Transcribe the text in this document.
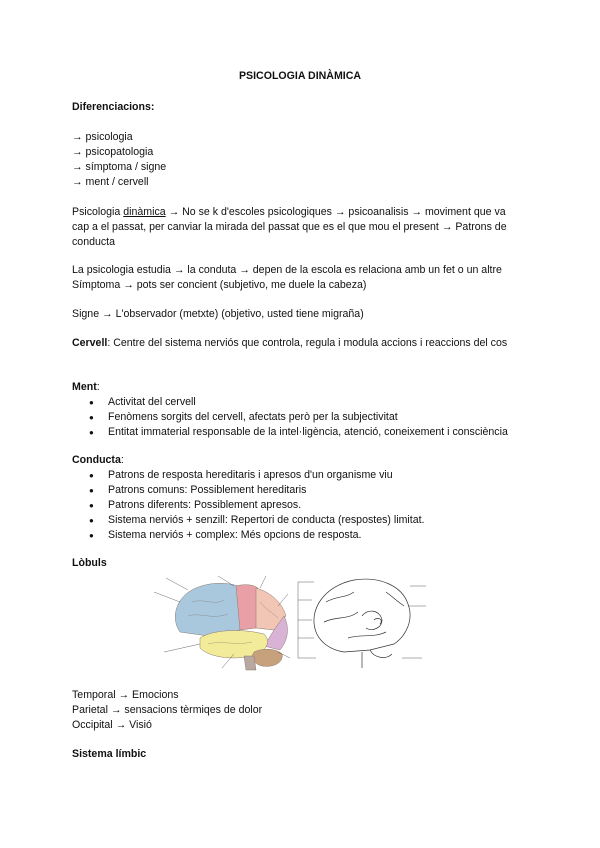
PSICOLOGIA DINÀMICA
Diferenciacions:
→ psicologia
→ psicopatologia
→ símptoma / signe
→ ment / cervell
Psicologia dinàmica → No se k d'escoles psicologiques → psicoanalisis → moviment que va
cap a el passat, per canviar la mirada del passat que es el que mou el present → Patrons de
conducta
La psicologia estudia → la conduta → depen de la escola es relaciona amb un fet o un altre
Símptoma → pots ser concient (subjetivo, me duele la cabeza)
Signe → L'observador (metxte) (objetivo, usted tiene migraña)
Cervell: Centre del sistema nerviós que controla, regula i modula accions i reaccions del cos
Ment:
● Activitat del cervell
● Fenòmens sorgits del cervell, afectats però per la subjectivitat
● Entitat immaterial responsable de la intel·ligència, atenció, coneixement i consciència
Conducta:
● Patrons de resposta hereditaris i apresos d'un organisme viu
● Patrons comuns: Possiblement hereditaris
● Patrons diferents: Possiblement apresos.
● Sistema nerviós + senzill: Repertori de conducta (respostes) limitat.
● Sistema nerviós + complex: Més opcions de resposta.
Lòbuls
Temporal → Emocions
Parietal → sensacions tèrmiqes de dolor
Occipital → Visió
Sistema límbic
